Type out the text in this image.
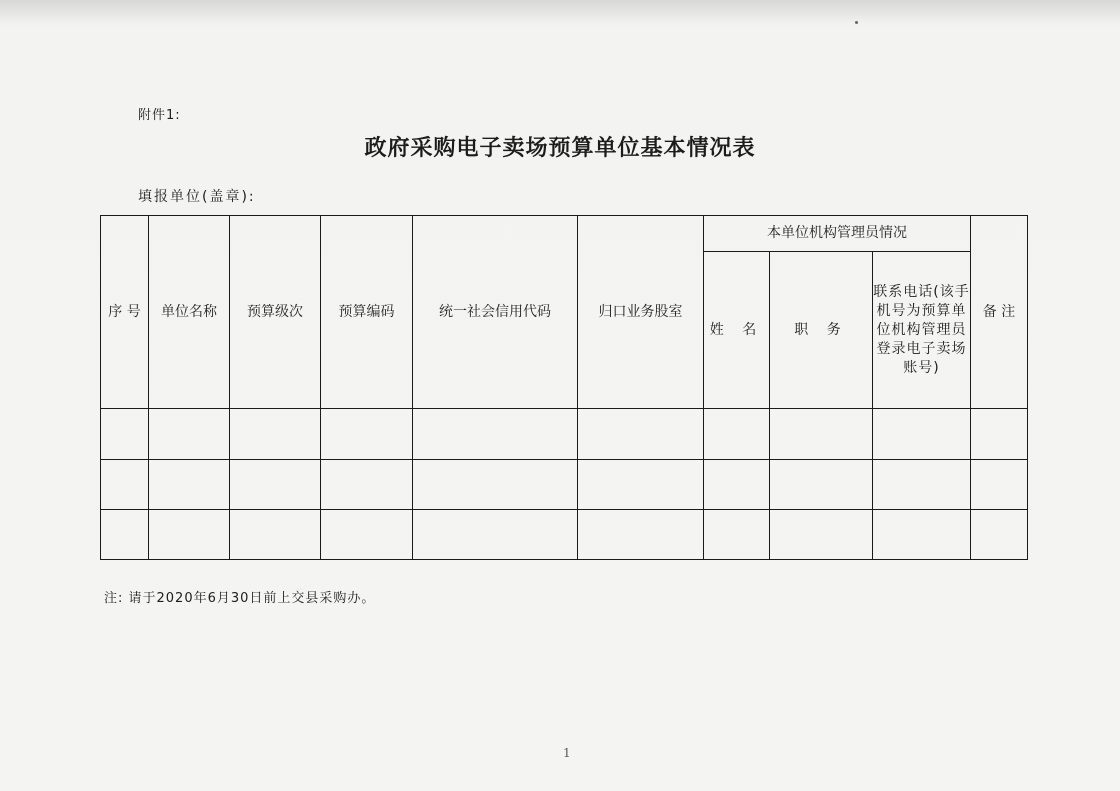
附件1:
政府采购电子卖场预算单位基本情况表
填报单位(盖章):
序 号	单位名称	预算级次	预算编码	统一社会信用代码	归口业务股室	本单位机构管理员情况			备 注
						姓 名	职 务	联系电话(该手机号为预算单位机构管理员登录电子卖场账号)	

注: 请于2020年6月30日前上交县采购办。
1
